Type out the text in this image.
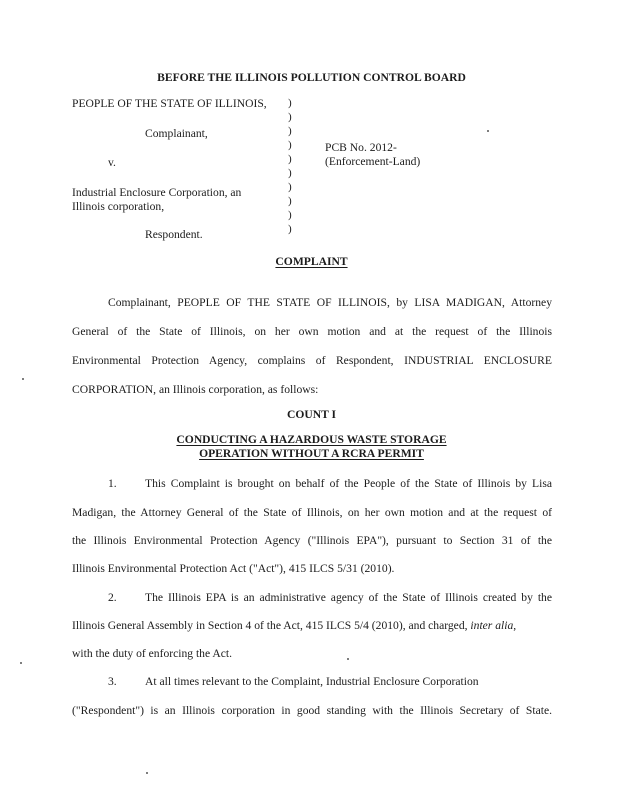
BEFORE THE ILLINOIS POLLUTION CONTROL BOARD
PEOPLE OF THE STATE OF ILLINOIS,
Complainant,
v.
Industrial Enclosure Corporation, an
Illinois corporation,
Respondent.
)
)
)
)
)
)
)
)
)
)
PCB No. 2012-
(Enforcement-Land)
COMPLAINT
Complainant, PEOPLE OF THE STATE OF ILLINOIS, by LISA MADIGAN, Attorney
General of the State of Illinois, on her own motion and at the request of the Illinois
Environmental Protection Agency, complains of Respondent, INDUSTRIAL ENCLOSURE
CORPORATION, an Illinois corporation, as follows:
COUNT I
CONDUCTING A HAZARDOUS WASTE STORAGE
OPERATION WITHOUT A RCRA PERMIT
1. This Complaint is brought on behalf of the People of the State of Illinois by Lisa
Madigan, the Attorney General of the State of Illinois, on her own motion and at the request of
the Illinois Environmental Protection Agency ("Illinois EPA"), pursuant to Section 31 of the
Illinois Environmental Protection Act ("Act"), 415 ILCS 5/31 (2010).
2. The Illinois EPA is an administrative agency of the State of Illinois created by the
Illinois General Assembly in Section 4 of the Act, 415 ILCS 5/4 (2010), and charged, inter alia,
with the duty of enforcing the Act.
3. At all times relevant to the Complaint, Industrial Enclosure Corporation
("Respondent") is an Illinois corporation in good standing with the Illinois Secretary of State.
